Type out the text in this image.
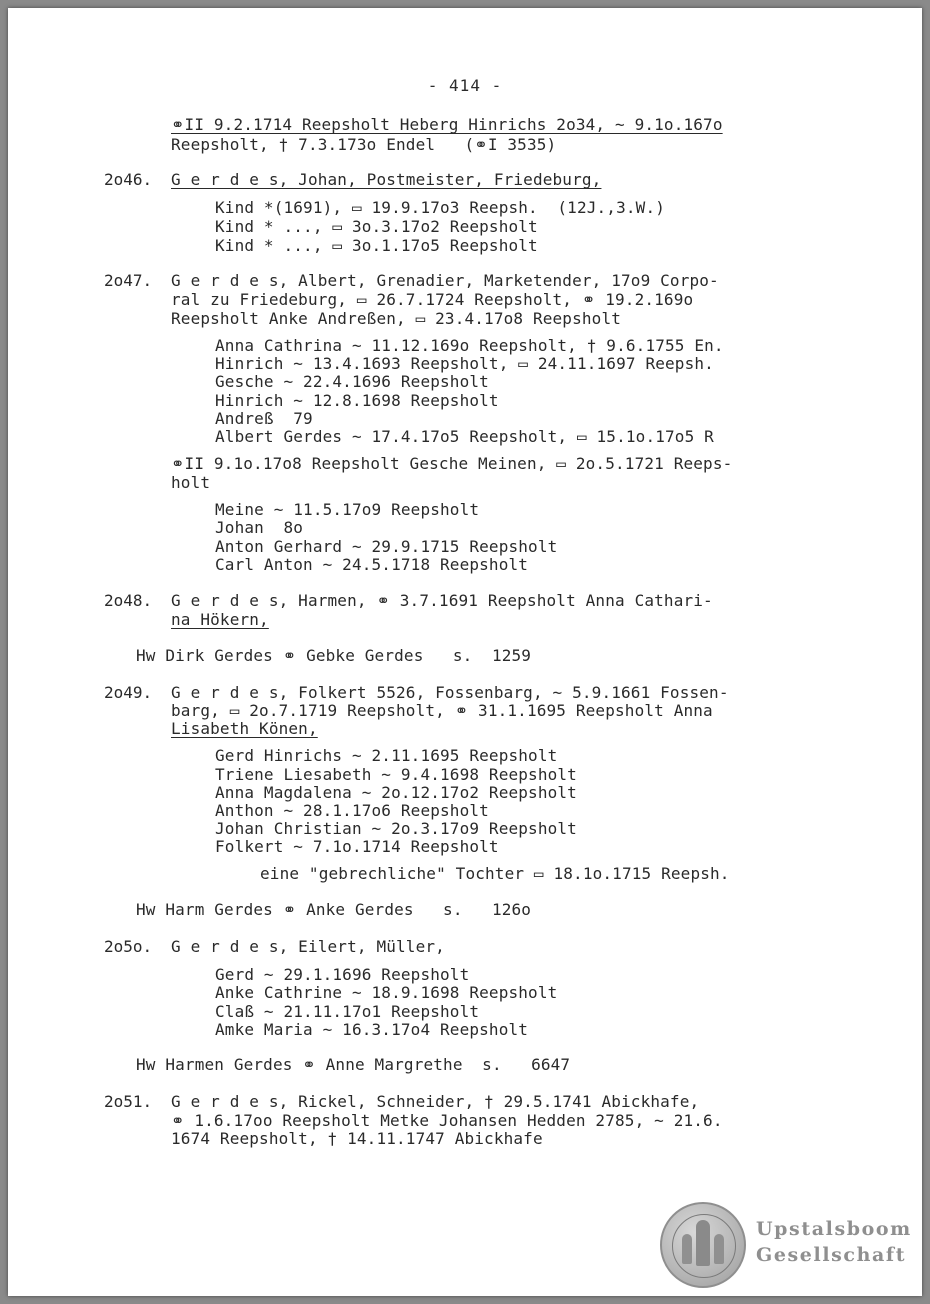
- 414 -
⚭II 9.2.1714 Reepsholt Heberg Hinrichs 2o34, ~ 9.1o.167o
Reepsholt, † 7.3.173o Endel   (⚭I 3535)
2o46. G e r d e s, Johan, Postmeister, Friedeburg,
Kind *(1691), ▭ 19.9.17o3 Reepsh.  (12J.,3.W.)
Kind * ..., ▭ 3o.3.17o2 Reepsholt
Kind * ..., ▭ 3o.1.17o5 Reepsholt
2o47. G e r d e s, Albert, Grenadier, Marketender, 17o9 Corpo-
ral zu Friedeburg, ▭ 26.7.1724 Reepsholt, ⚭ 19.2.169o
Reepsholt Anke Andreßen, ▭ 23.4.17o8 Reepsholt
Anna Cathrina ~ 11.12.169o Reepsholt, † 9.6.1755 En.
Hinrich ~ 13.4.1693 Reepsholt, ▭ 24.11.1697 Reepsh.
Gesche ~ 22.4.1696 Reepsholt
Hinrich ~ 12.8.1698 Reepsholt
Andreß  79
Albert Gerdes ~ 17.4.17o5 Reepsholt, ▭ 15.1o.17o5 R
⚭II 9.1o.17o8 Reepsholt Gesche Meinen, ▭ 2o.5.1721 Reeps-
holt
Meine ~ 11.5.17o9 Reepsholt
Johan  8o
Anton Gerhard ~ 29.9.1715 Reepsholt
Carl Anton ~ 24.5.1718 Reepsholt
2o48. G e r d e s, Harmen, ⚭ 3.7.1691 Reepsholt Anna Cathari-
na Hökern,
Hw Dirk Gerdes ⚭ Gebke Gerdes   s.  1259
2o49. G e r d e s, Folkert 5526, Fossenbarg, ~ 5.9.1661 Fossen-
barg, ▭ 2o.7.1719 Reepsholt, ⚭ 31.1.1695 Reepsholt Anna
Lisabeth Könen,
Gerd Hinrichs ~ 2.11.1695 Reepsholt
Triene Liesabeth ~ 9.4.1698 Reepsholt
Anna Magdalena ~ 2o.12.17o2 Reepsholt
Anthon ~ 28.1.17o6 Reepsholt
Johan Christian ~ 2o.3.17o9 Reepsholt
Folkert ~ 7.1o.1714 Reepsholt
eine "gebrechliche" Tochter ▭ 18.1o.1715 Reepsh.
Hw Harm Gerdes ⚭ Anke Gerdes   s.   126o
2o5o. G e r d e s, Eilert, Müller,
Gerd ~ 29.1.1696 Reepsholt
Anke Cathrine ~ 18.9.1698 Reepsholt
Claß ~ 21.11.17o1 Reepsholt
Amke Maria ~ 16.3.17o4 Reepsholt
Hw Harmen Gerdes ⚭ Anne Margrethe  s.   6647
2o51. G e r d e s, Rickel, Schneider, † 29.5.1741 Abickhafe,
⚭ 1.6.17oo Reepsholt Metke Johansen Hedden 2785, ~ 21.6.
1674 Reepsholt, † 14.11.1747 Abickhafe
Upstalsboom
Gesellschaft
